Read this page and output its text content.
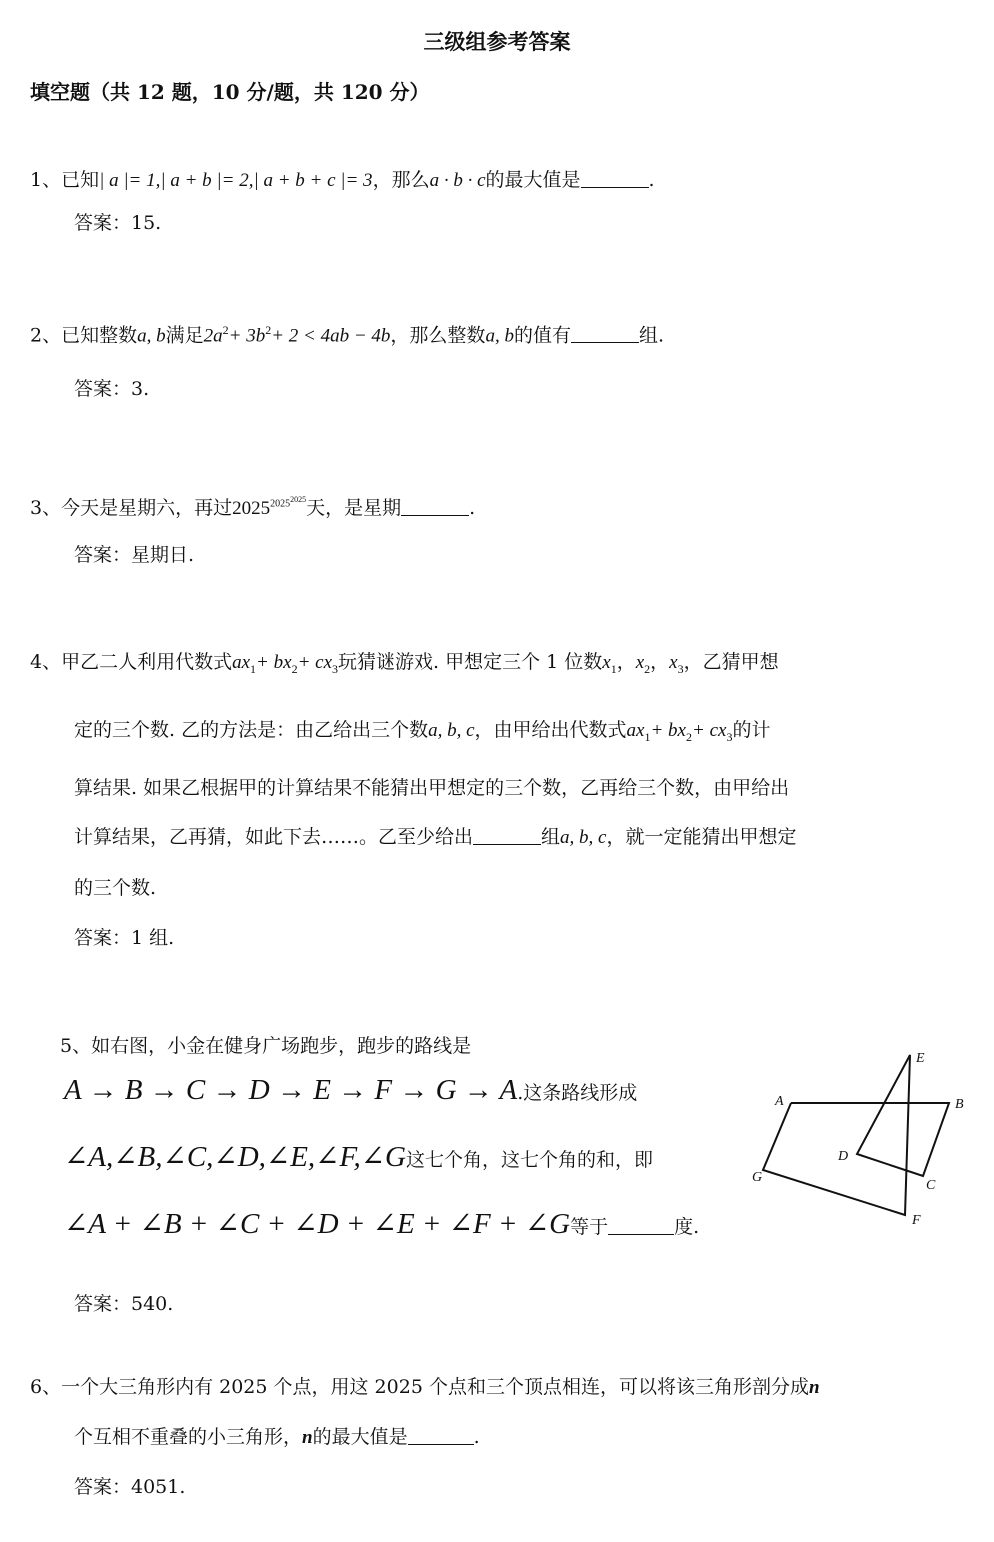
三级组参考答案
填空题（共 12 题，10 分/题，共 120 分）
1、已知| a |= 1,| a + b |= 2,| a + b + c |= 3，那么a · b · c的最大值是	.
答案：15.
2、已知整数a, b满足$2a^2+ 3b^2+ 2 < 4ab - 4b$，那么整数a, b的值有	组.
答案：3.
3、今天是星期六，再过$2025^{20252025}$天，是星期	.
答案：星期日.
4、甲乙二人利用代数式$ax_1+ bx_2+ cx_3$玩猜谜游戏. 甲想定三个 1 位数$x_1$，$x_2$，$x_3$，乙猜甲想
定的三个数. 乙的方法是：由乙给出三个数a, b, c，由甲给出代数式$ax_1+ bx_2+ cx_3$的计
算结果. 如果乙根据甲的计算结果不能猜出甲想定的三个数，乙再给三个数，由甲给出
计算结果，乙再猜，如此下去……。乙至少给出	组a, b, c，就一定能猜出甲想定
的三个数.
答案：1 组.
5、如右图，小金在健身广场跑步，跑步的路线是
A → B → C → D → E → F → G → A.这条路线形成
∠A,∠B,∠C,∠D,∠E,∠F,∠G这七个角，这七个角的和，即
∠A + ∠B + ∠C + ∠D + ∠E + ∠F + ∠G等于	度.
答案：540.
A	B
C
D
E
F
G
6、一个大三角形内有 2025 个点，用这 2025 个点和三个顶点相连，可以将该三角形剖分成n
个互相不重叠的小三角形，n的最大值是	.
答案：4051.
